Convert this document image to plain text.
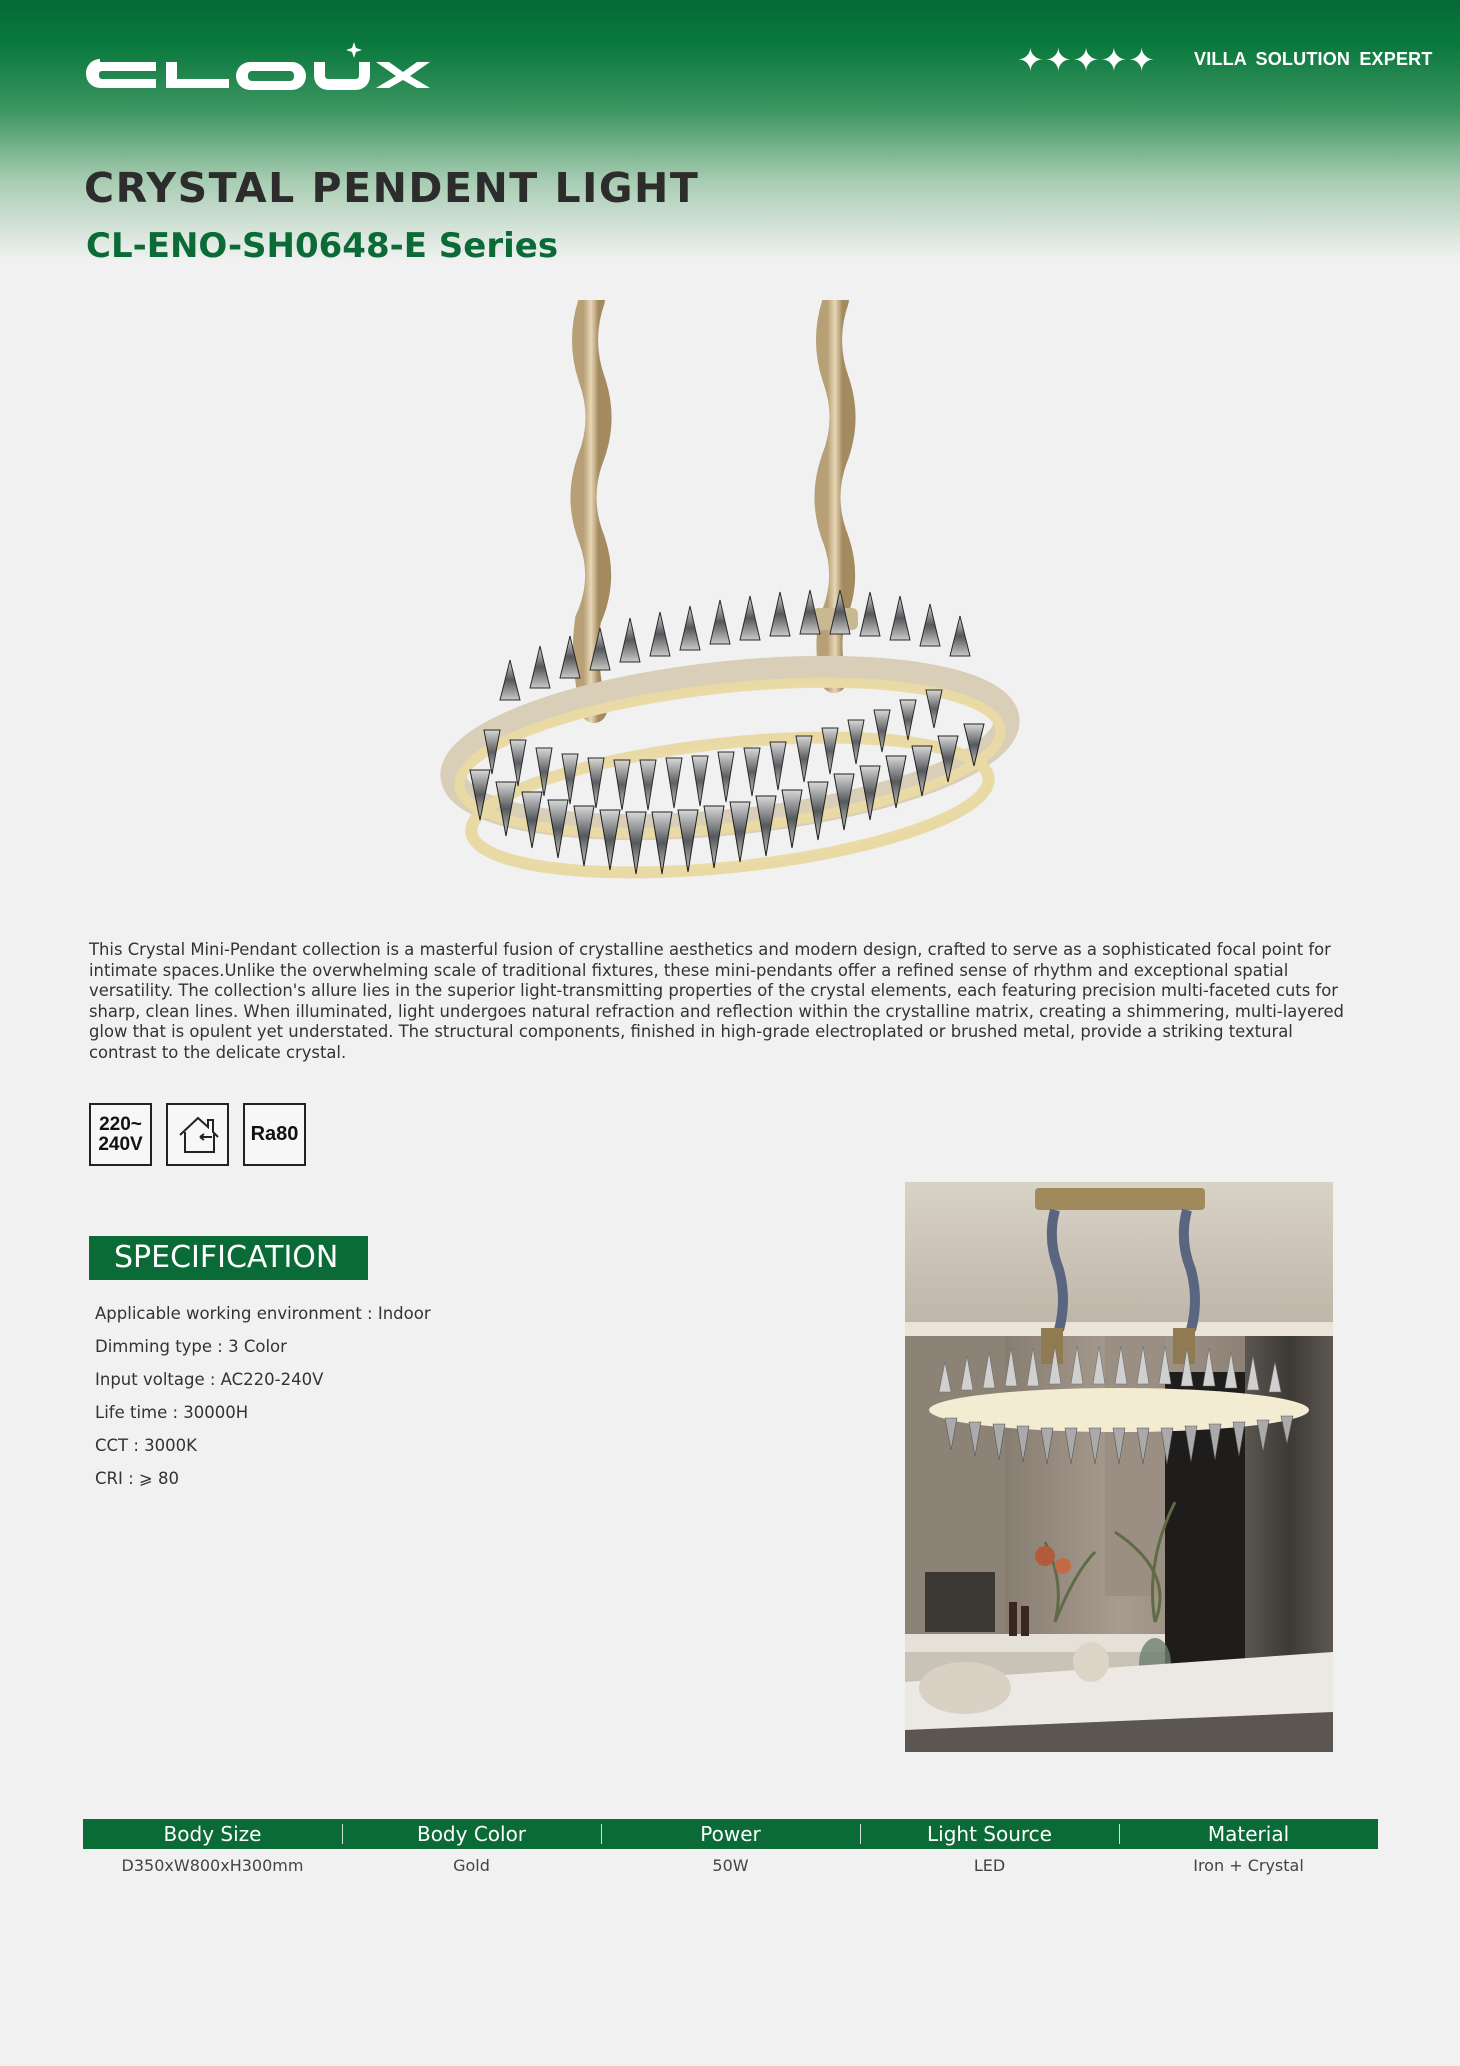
✦✦✦✦✦ VILLA SOLUTION EXPERT
CRYSTAL PENDENT LIGHT
CL-ENO-SH0648-E Series

This Crystal Mini-Pendant collection is a masterful fusion of crystalline aesthetics and modern design, crafted to serve as a sophisticated focal point for intimate spaces.Unlike the overwhelming scale of traditional fixtures, these mini-pendants offer a refined sense of rhythm and exceptional spatial versatility. The collection's allure lies in the superior light-transmitting properties of the crystal elements, each featuring precision multi-faceted cuts for sharp, clean lines. When illuminated, light undergoes natural refraction and reflection within the crystalline matrix, creating a shimmering, multi-layered glow that is opulent yet understated. The structural components, finished in high-grade electroplated or brushed metal, provide a striking textural contrast to the delicate crystal.

220~
240V	Ra80
SPECIFICATION
Applicable working environment : Indoor
Dimming type : 3 Color
Input voltage : AC220-240V
Life time : 30000H
CCT : 3000K
CRI : ⩾ 80
Body Size	Body Color	Power	Light Source	Material
D350xW800xH300mm	Gold	50W	LED	Iron + Crystal
